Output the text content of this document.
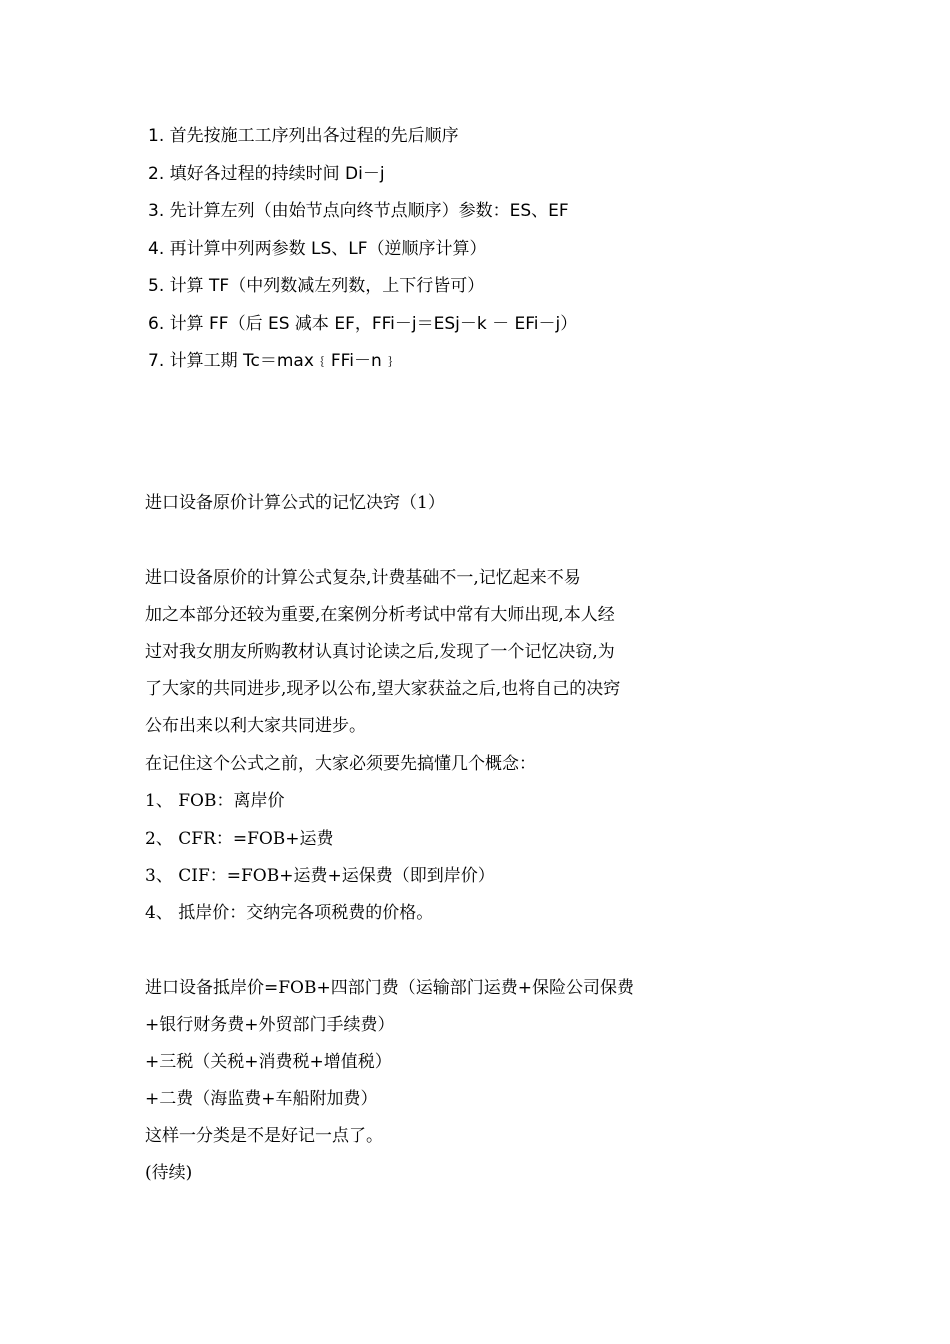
1. 首先按施工工序列出各过程的先后顺序
2. 填好各过程的持续时间 Di－j
3. 先计算左列（由始节点向终节点顺序）参数：ES、EF
4. 再计算中列两参数 LS、LF（逆顺序计算）
5. 计算 TF（中列数减左列数，上下行皆可）
6. 计算 FF（后 ES 减本 EF，FFi－j＝ESj－k － EFi－j）
7. 计算工期 Tc＝max﹛FFi－n﹜
进口设备原价计算公式的记忆决窍（1）
进口设备原价的计算公式复杂,计费基础不一,记忆起来不易
加之本部分还较为重要,在案例分析考试中常有大师出现,本人经
过对我女朋友所购教材认真讨论读之后,发现了一个记忆决窃,为
了大家的共同进步,现矛以公布,望大家获益之后,也将自己的决窍
公布出来以利大家共同进步。
在记住这个公式之前，大家必须要先搞懂几个概念：
1、 FOB：离岸价
2、 CFR：=FOB+运费
3、 CIF：=FOB+运费+运保费（即到岸价）
4、 抵岸价：交纳完各项税费的价格。
进口设备抵岸价=FOB+四部门费（运输部门运费+保险公司保费
+银行财务费+外贸部门手续费）
+三税（关税+消费税+增值税）
+二费（海监费+车船附加费）
这样一分类是不是好记一点了。
(待续)
